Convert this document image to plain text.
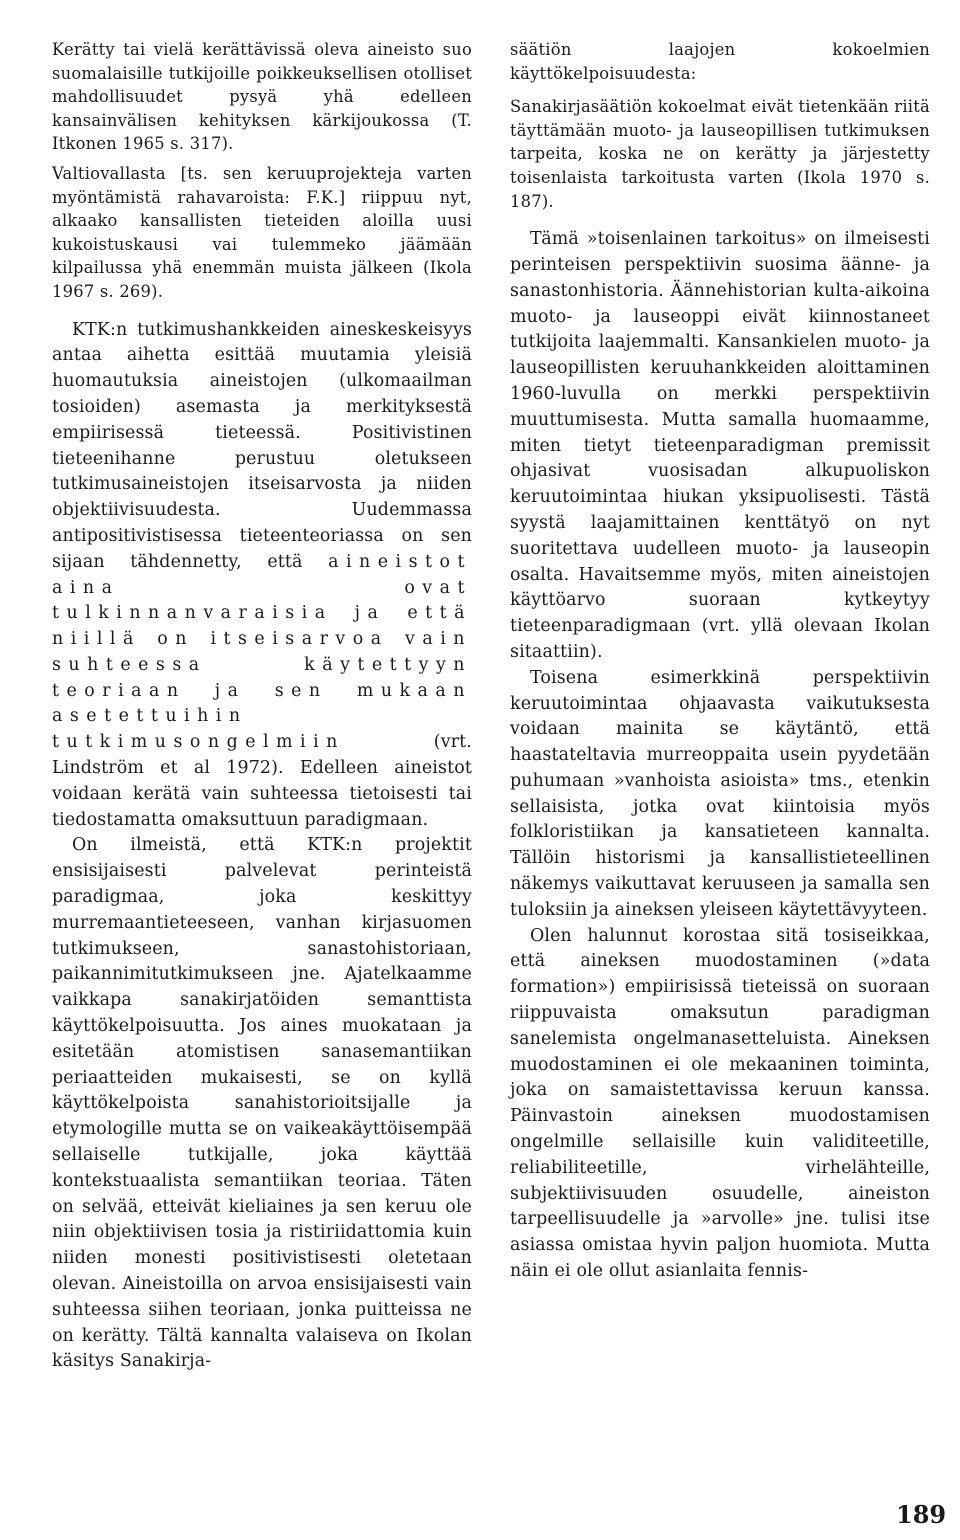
Kerätty tai vielä kerättävissä oleva aineisto suo suomalaisille tutkijoille poikkeuksellisen otolliset mahdollisuudet pysyä yhä edelleen kansainvälisen kehityksen kärkijoukossa (T. Itkonen 1965 s. 317).

Valtiovallasta [ts. sen keruuprojekteja varten myöntämistä rahavaroista: F.K.] riippuu nyt, alkaako kansallisten tieteiden aloilla uusi kukoistuskausi vai tulemmeko jäämään kilpailussa yhä enemmän muista jälkeen (Ikola 1967 s. 269).

KTK:n tutkimushankkeiden aineskeskeisyys antaa aihetta esittää muutamia yleisiä huomautuksia aineistojen (ulkomaailman tosioiden) asemasta ja merkityksestä empiirisessä tieteessä. Positivistinen tieteenihanne perustuu oletukseen tutkimusaineistojen itseisarvosta ja niiden objektiivisuudesta. Uudemmassa antipositivistisessa tieteenteoriassa on sen sijaan tähdennetty, että aineistot aina ovat tulkinnanvaraisia ja että niillä on itseisarvoa vain suhteessa käytettyyn teoriaan ja sen mukaan asetettuihin tutkimusongelmiin	(vrt. Lindström et al 1972). Edelleen aineistot voidaan kerätä vain suhteessa tietoisesti tai tiedostamatta omaksuttuun paradigmaan.

On ilmeistä, että KTK:n projektit ensisijaisesti palvelevat perinteistä paradigmaa, joka keskittyy murremaantieteeseen, vanhan kirjasuomen tutkimukseen, sanastohistoriaan, paikannimitutkimukseen jne. Ajatelkaamme vaikkapa sanakirjatöiden semanttista käyttökelpoisuutta. Jos aines muokataan ja esitetään atomistisen sanasemantiikan periaatteiden mukaisesti, se on kyllä käyttökelpoista sanahistorioitsijalle ja etymologille mutta se on vaikeakäyttöisempää sellaiselle tutkijalle, joka käyttää kontekstuaalista semantiikan teoriaa. Täten on selvää, etteivät kieliaines ja sen keruu ole niin objektiivisen tosia ja ristiriidattomia kuin niiden monesti positivistisesti oletetaan olevan. Aineistoilla on arvoa ensisijaisesti vain suhteessa siihen teoriaan, jonka puitteissa ne on kerätty. Tältä kannalta valaiseva on Ikolan käsitys Sanakirja-

säätiön laajojen kokoelmien käyttökelpoisuudesta:

Sanakirjasäätiön kokoelmat eivät tietenkään riitä täyttämään muoto- ja lauseopillisen tutkimuksen tarpeita, koska ne on kerätty ja järjestetty toisenlaista tarkoitusta varten (Ikola 1970 s. 187).

Tämä »toisenlainen tarkoitus» on ilmeisesti perinteisen perspektiivin suosima äänne- ja sanastonhistoria. Äännehistorian kulta-aikoina muoto- ja lauseoppi eivät kiinnostaneet tutkijoita laajemmalti. Kansankielen muoto- ja lauseopillisten keruuhankkeiden aloittaminen 1960-luvulla on merkki perspektiivin muuttumisesta. Mutta samalla huomaamme, miten tietyt tieteenparadigman premissit ohjasivat vuosisadan alkupuoliskon keruutoimintaa hiukan yksipuolisesti. Tästä syystä laajamittainen kenttätyö on nyt suoritettava uudelleen muoto- ja lauseopin osalta. Havaitsemme myös, miten aineistojen käyttöarvo suoraan kytkeytyy tieteenparadigmaan (vrt. yllä olevaan Ikolan sitaattiin).

Toisena esimerkkinä perspektiivin keruutoimintaa ohjaavasta vaikutuksesta voidaan mainita se käytäntö, että haastateltavia murreoppaita usein pyydetään puhumaan »vanhoista asioista» tms., etenkin sellaisista, jotka ovat kiintoisia myös folkloristiikan ja kansatieteen kannalta. Tällöin historismi ja kansallistieteellinen näkemys vaikuttavat keruuseen ja samalla sen tuloksiin ja aineksen yleiseen käytettävyyteen.

Olen halunnut korostaa sitä tosiseikkaa, että aineksen muodostaminen (»data formation») empiirisissä tieteissä on suoraan riippuvaista omaksutun paradigman sanelemista ongelmanasetteluista. Aineksen muodostaminen ei ole mekaaninen toiminta, joka on samaistettavissa keruun kanssa. Päinvastoin aineksen muodostamisen ongelmille sellaisille kuin validiteetille, reliabiliteetille, virhelähteille, subjektiivisuuden osuudelle, aineiston tarpeellisuudelle ja »arvolle» jne. tulisi itse asiassa omistaa hyvin paljon huomiota. Mutta näin ei ole ollut asianlaita fennis-

189
